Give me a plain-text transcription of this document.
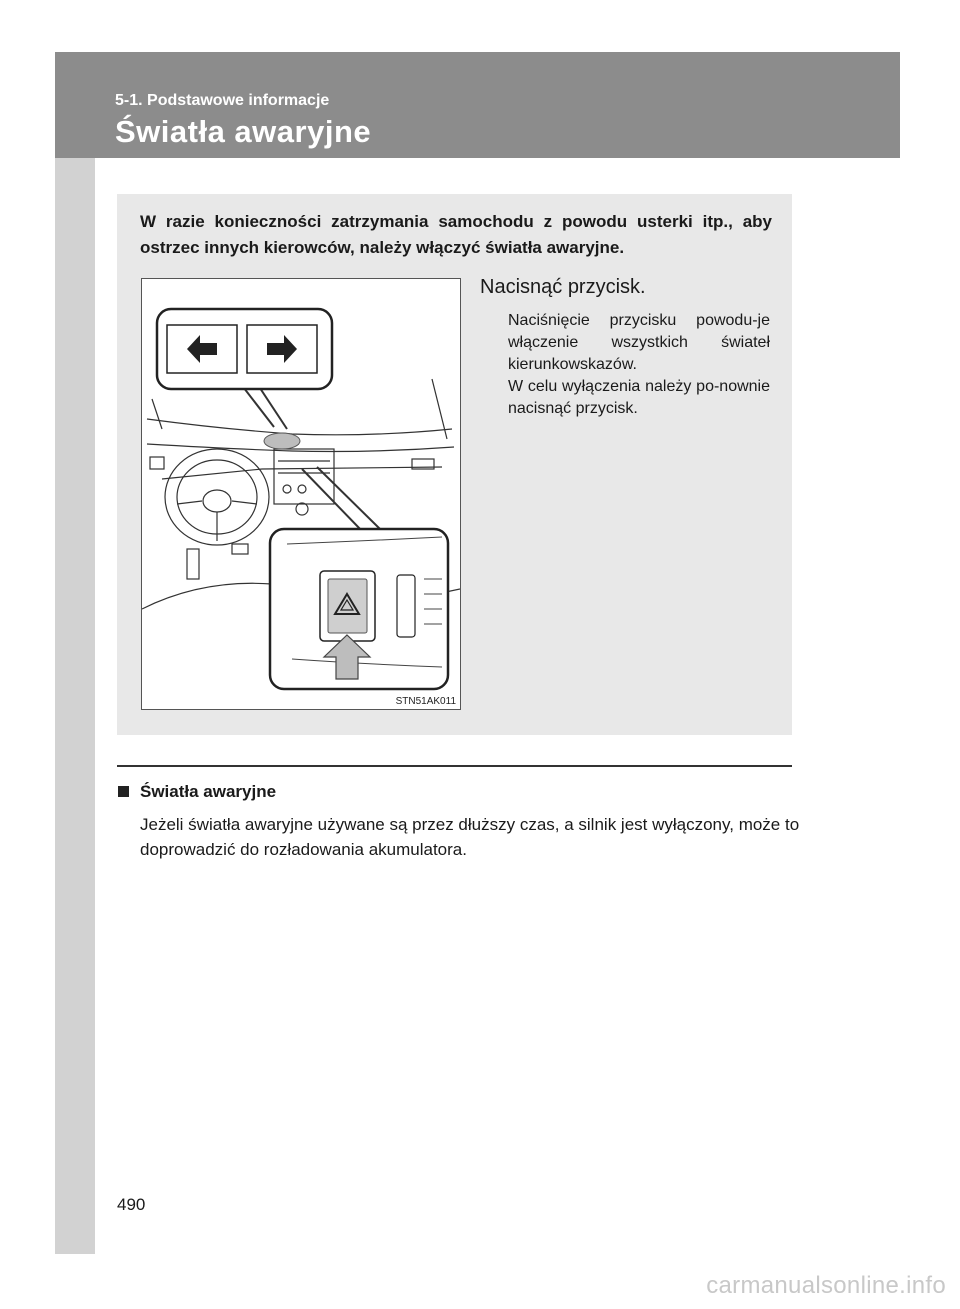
5-1. Podstawowe informacje
Światła awaryjne
W razie konieczności zatrzymania samochodu z powodu usterki itp., aby ostrzec innych kierowców, należy włączyć światła awaryjne.
STN51AK011
Nacisnąć przycisk.
Naciśnięcie przycisku powodu-je włączenie wszystkich świateł kierunkowskazów.
W celu wyłączenia należy po-nownie nacisnąć przycisk.
Światła awaryjne
Jeżeli światła awaryjne używane są przez dłuższy czas, a silnik jest wyłączony, może to doprowadzić do rozładowania akumulatora.
490
carmanualsonline.info
